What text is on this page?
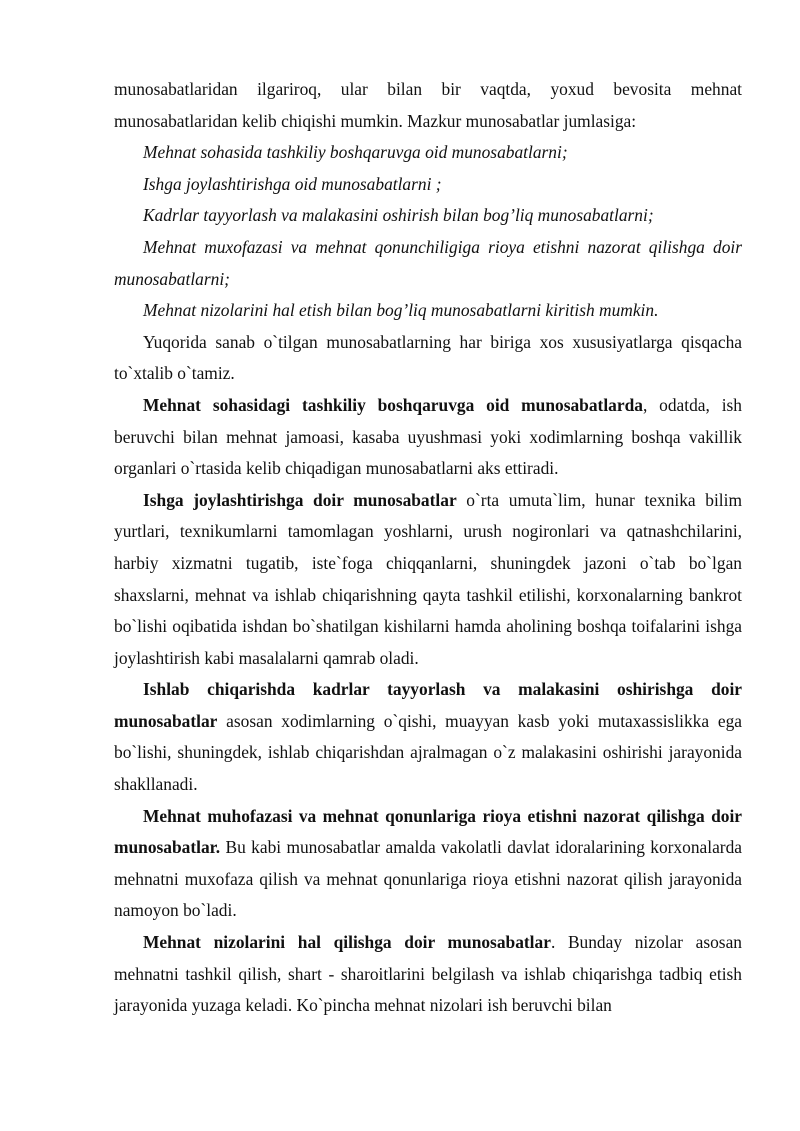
munosabatlaridan ilgariroq, ular bilan bir vaqtda, yoxud bevosita mehnat munosabatlaridan kelib chiqishi mumkin. Mazkur munosabatlar jumlasiga:

Mehnat sohasida tashkiliy boshqaruvga oid munosabatlarni;

Ishga joylashtirishga oid munosabatlarni ;

Kadrlar tayyorlash va malakasini oshirish bilan bog’liq munosabatlarni;

Mehnat muxofazasi va mehnat qonunchiligiga rioya etishni nazorat qilishga doir munosabatlarni;

Mehnat nizolarini hal etish bilan bog’liq munosabatlarni kiritish mumkin.

Yuqorida sanab o`tilgan munosabatlarning har biriga xos xususiyatlarga qisqacha to`xtalib o`tamiz.

Mehnat sohasidagi tashkiliy boshqaruvga oid munosabatlarda, odatda, ish beruvchi bilan mehnat jamoasi, kasaba uyushmasi yoki xodimlarning boshqa vakillik organlari o`rtasida kelib chiqadigan munosabatlarni aks ettiradi.

Ishga joylashtirishga doir munosabatlar o`rta umuta`lim, hunar texnika bilim yurtlari, texnikumlarni tamomlagan yoshlarni, urush nogironlari va qatnashchilarini, harbiy xizmatni tugatib, iste`foga chiqqanlarni, shuningdek jazoni o`tab bo`lgan shaxslarni, mehnat va ishlab chiqarishning qayta tashkil etilishi, korxonalarning bankrot bo`lishi oqibatida ishdan bo`shatilgan kishilarni hamda aholining boshqa toifalarini ishga joylashtirish kabi masalalarni qamrab oladi.

Ishlab chiqarishda kadrlar tayyorlash va malakasini oshirishga doir munosabatlar asosan xodimlarning o`qishi, muayyan kasb yoki mutaxassislikka ega bo`lishi, shuningdek, ishlab chiqarishdan ajralmagan o`z malakasini oshirishi jarayonida shakllanadi.

Mehnat muhofazasi va mehnat qonunlariga rioya etishni nazorat qilishga doir munosabatlar. Bu kabi munosabatlar amalda vakolatli davlat idoralarining korxonalarda mehnatni muxofaza qilish va mehnat qonunlariga rioya etishni nazorat qilish jarayonida namoyon bo`ladi.

Mehnat nizolarini hal qilishga doir munosabatlar. Bunday nizolar asosan mehnatni tashkil qilish, shart - sharoitlarini belgilash va ishlab chiqarishga tadbiq etish jarayonida yuzaga keladi. Ko`pincha mehnat nizolari ish beruvchi bilan
